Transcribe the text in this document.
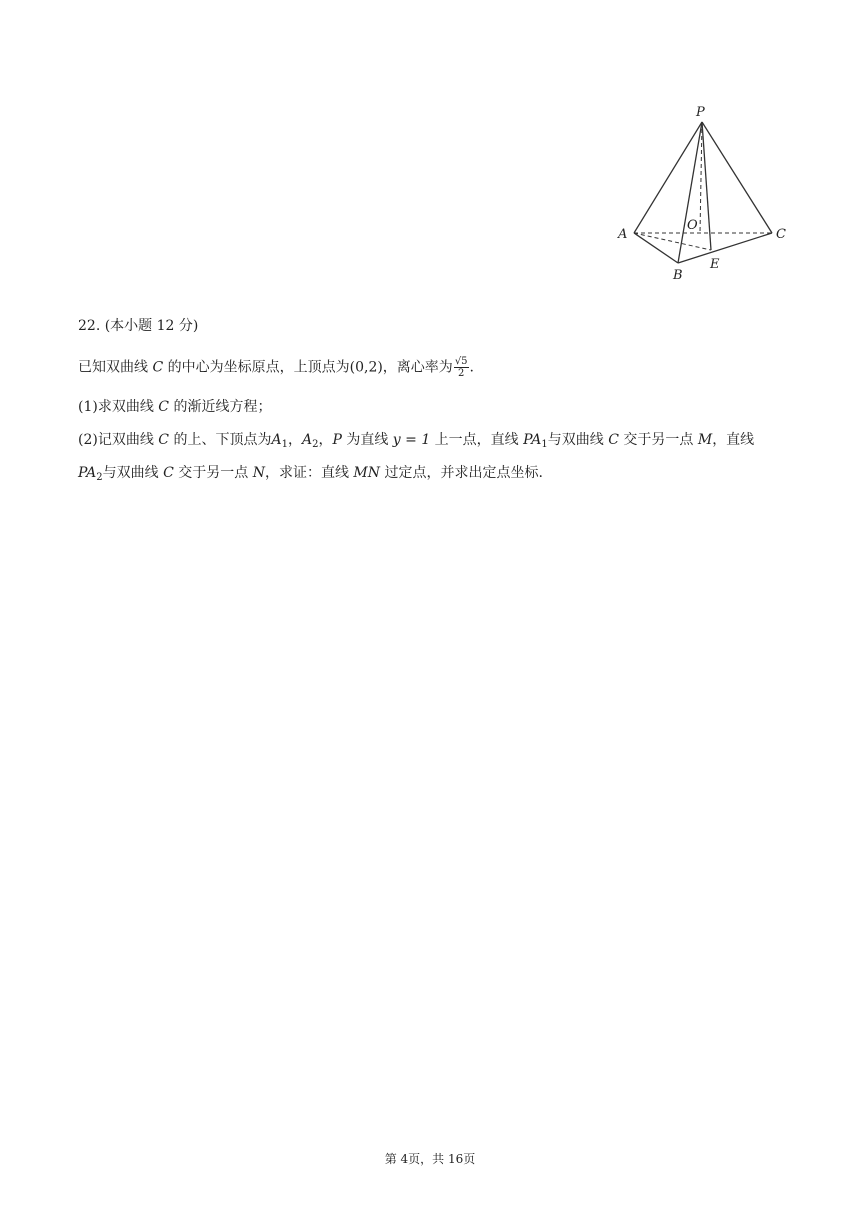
P
A	C
O
B
E
22. (本小题 12 分)
已知双曲线 C 的中心为坐标原点，上顶点为(0,2)，离心率为 $\frac{√5}{2}$ .
(1)求双曲线 C 的渐近线方程；
(2)记双曲线 C 的上、下顶点为$A_1$，$A_2$，P 为直线 y = 1 上一点，直线 $PA_1$与双曲线 C 交于另一点 M，直线
$PA_2$与双曲线 C 交于另一点 N，求证：直线 MN 过定点，并求出定点坐标.
第 4页，共 16页
